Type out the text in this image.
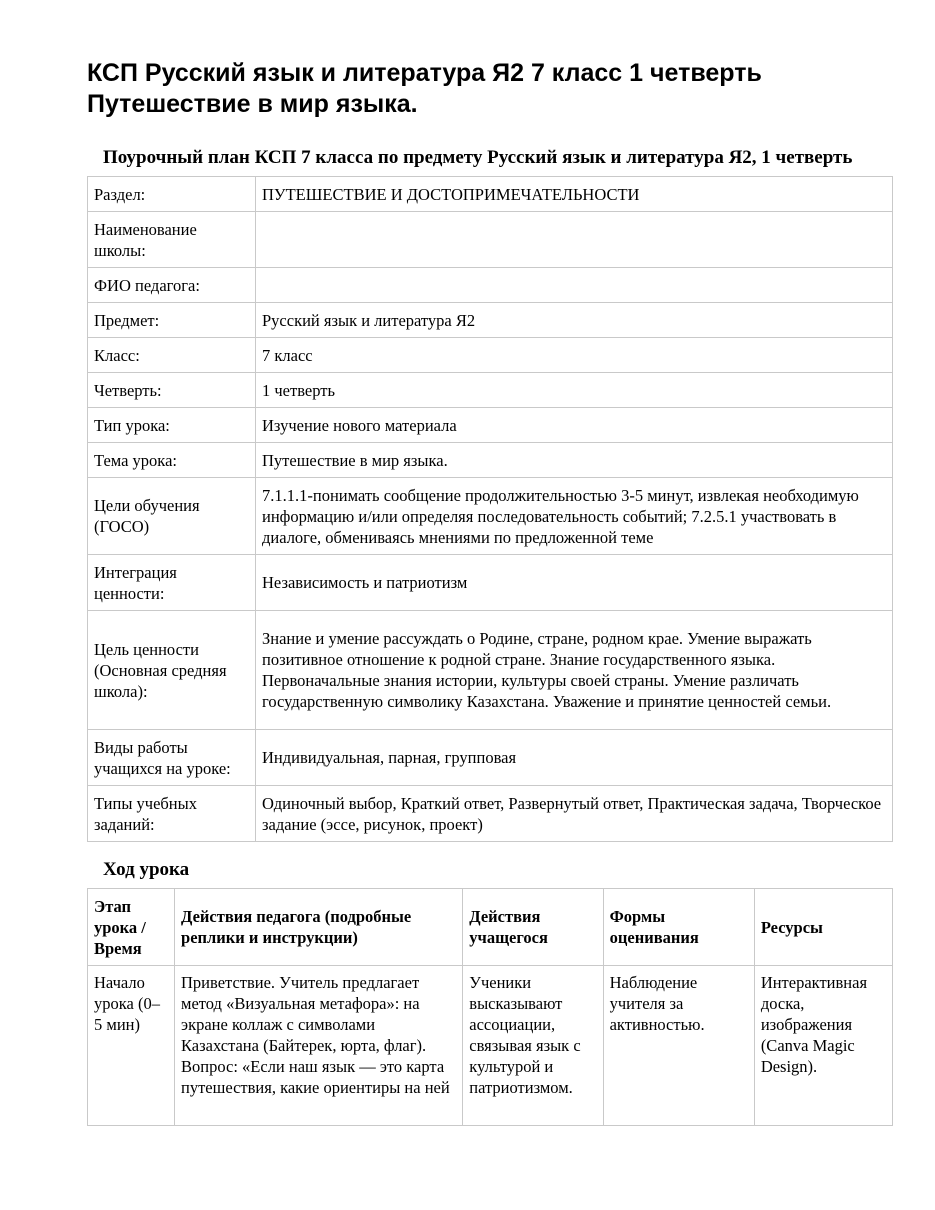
КСП Русский язык и литература Я2 7 класс 1 четверть
Путешествие в мир языка.
Поурочный план КСП 7 класса по предмету Русский язык и литература Я2, 1 четверть
Раздел:	ПУТЕШЕСТВИЕ И ДОСТОПРИМЕЧАТЕЛЬНОСТИ
Наименование школы:	
ФИО педагога:	
Предмет:	Русский язык и литература Я2
Класс:	7 класс
Четверть:	1 четверть
Тип урока:	Изучение нового материала
Тема урока:	Путешествие в мир языка.
Цели обучения (ГОСО)	7.1.1.1-понимать сообщение продолжительностью 3-5 минут, извлекая необходимую информацию и/или определяя последовательность событий; 7.2.5.1 участвовать в диалоге, обмениваясь мнениями по предложенной теме
Интеграция ценности:	Независимость и патриотизм
Цель ценности (Основная средняя школа):	Знание и умение рассуждать о Родине, стране, родном крае. Умение выражать позитивное отношение к родной стране. Знание государственного языка. Первоначальные знания истории, культуры своей страны. Умение различать государственную символику Казахстана. Уважение и принятие ценностей семьи.
Виды работы учащихся на уроке:	Индивидуальная, парная, групповая
Типы учебных заданий:	Одиночный выбор, Краткий ответ, Развернутый ответ, Практическая задача, Творческое задание (эссе, рисунок, проект)
Ход урока
Этап урока / Время	Действия педагога (подробные реплики и инструкции)	Действия учащегося	Формы оценивания	Ресурсы
Начало урока (0–5 мин)	Приветствие. Учитель предлагает метод «Визуальная метафора»: на экране коллаж с символами Казахстана (Байтерек, юрта, флаг). Вопрос: «Если наш язык — это карта путешествия, какие ориентиры на ней	Ученики высказывают ассоциации, связывая язык с культурой и патриотизмом.	Наблюдение учителя за активностью.	Интерактивная доска, изображения (Canva Magic Design).
